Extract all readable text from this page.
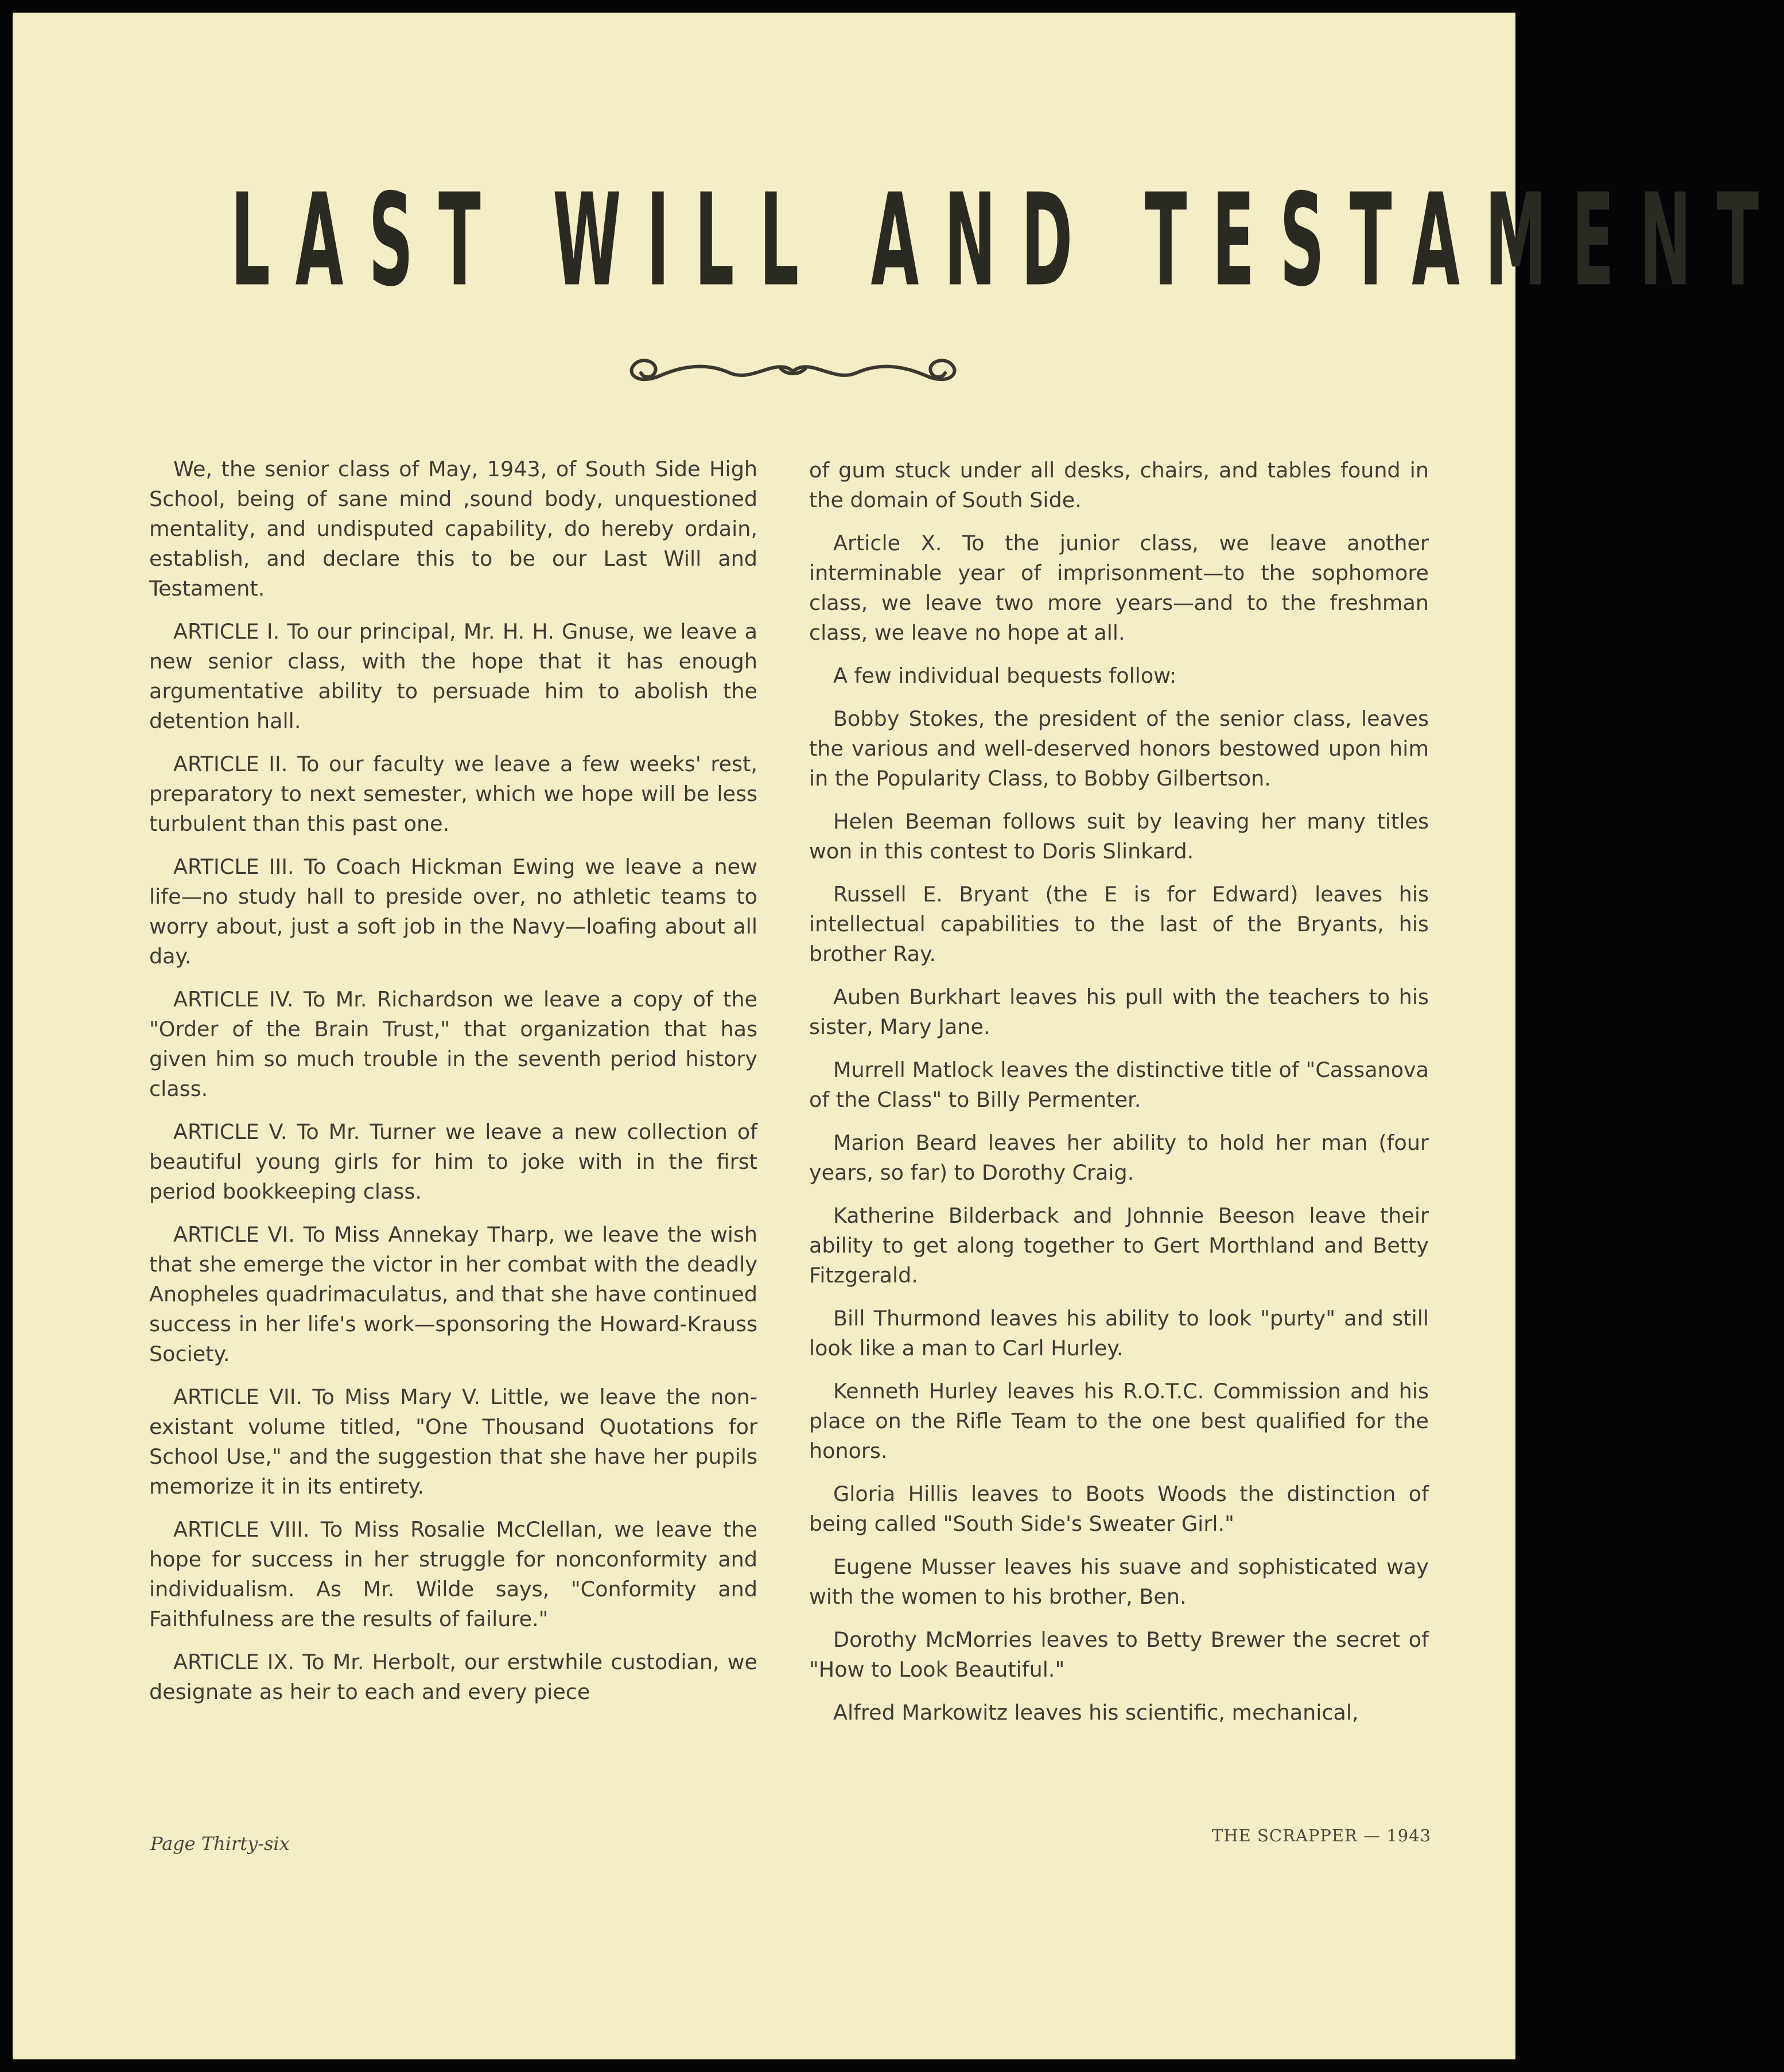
LAST WILL AND TESTAMENT

We, the senior class of May, 1943, of South Side High School, being of sane mind ,sound body, unquestioned mentality, and undisputed capability, do hereby ordain, establish, and declare this to be our Last Will and Testament.

ARTICLE I. To our principal, Mr. H. H. Gnuse, we leave a new senior class, with the hope that it has enough argumentative ability to persuade him to abolish the detention hall.

ARTICLE II. To our faculty we leave a few weeks' rest, preparatory to next semester, which we hope will be less turbulent than this past one.

ARTICLE III. To Coach Hickman Ewing we leave a new life—no study hall to preside over, no athletic teams to worry about, just a soft job in the Navy—loafing about all day.

ARTICLE IV. To Mr. Richardson we leave a copy of the "Order of the Brain Trust," that organization that has given him so much trouble in the seventh period history class.

ARTICLE V. To Mr. Turner we leave a new collection of beautiful young girls for him to joke with in the first period bookkeeping class.

ARTICLE VI. To Miss Annekay Tharp, we leave the wish that she emerge the victor in her combat with the deadly Anopheles quadrimaculatus, and that she have continued success in her life's work—sponsoring the Howard-Krauss Society.

ARTICLE VII. To Miss Mary V. Little, we leave the non-existant volume titled, "One Thousand Quotations for School Use," and the suggestion that she have her pupils memorize it in its entirety.

ARTICLE VIII. To Miss Rosalie McClellan, we leave the hope for success in her struggle for nonconformity and individualism. As Mr. Wilde says, "Conformity and Faithfulness are the results of failure."

ARTICLE IX. To Mr. Herbolt, our erstwhile custodian, we designate as heir to each and every piece

of gum stuck under all desks, chairs, and tables found in the domain of South Side.

Article X. To the junior class, we leave another interminable year of imprisonment—to the sophomore class, we leave two more years—and to the freshman class, we leave no hope at all.

A few individual bequests follow:

Bobby Stokes, the president of the senior class, leaves the various and well-deserved honors bestowed upon him in the Popularity Class, to Bobby Gilbertson.

Helen Beeman follows suit by leaving her many titles won in this contest to Doris Slinkard.

Russell E. Bryant (the E is for Edward) leaves his intellectual capabilities to the last of the Bryants, his brother Ray.

Auben Burkhart leaves his pull with the teachers to his sister, Mary Jane.

Murrell Matlock leaves the distinctive title of "Cassanova of the Class" to Billy Permenter.

Marion Beard leaves her ability to hold her man (four years, so far) to Dorothy Craig.

Katherine Bilderback and Johnnie Beeson leave their ability to get along together to Gert Morthland and Betty Fitzgerald.

Bill Thurmond leaves his ability to look "purty" and still look like a man to Carl Hurley.

Kenneth Hurley leaves his R.O.T.C. Commission and his place on the Rifle Team to the one best qualified for the honors.

Gloria Hillis leaves to Boots Woods the distinction of being called "South Side's Sweater Girl."

Eugene Musser leaves his suave and sophisticated way with the women to his brother, Ben.

Dorothy McMorries leaves to Betty Brewer the secret of "How to Look Beautiful."

Alfred Markowitz leaves his scientific, mechanical,

Page Thirty-six	THE SCRAPPER — 1943
